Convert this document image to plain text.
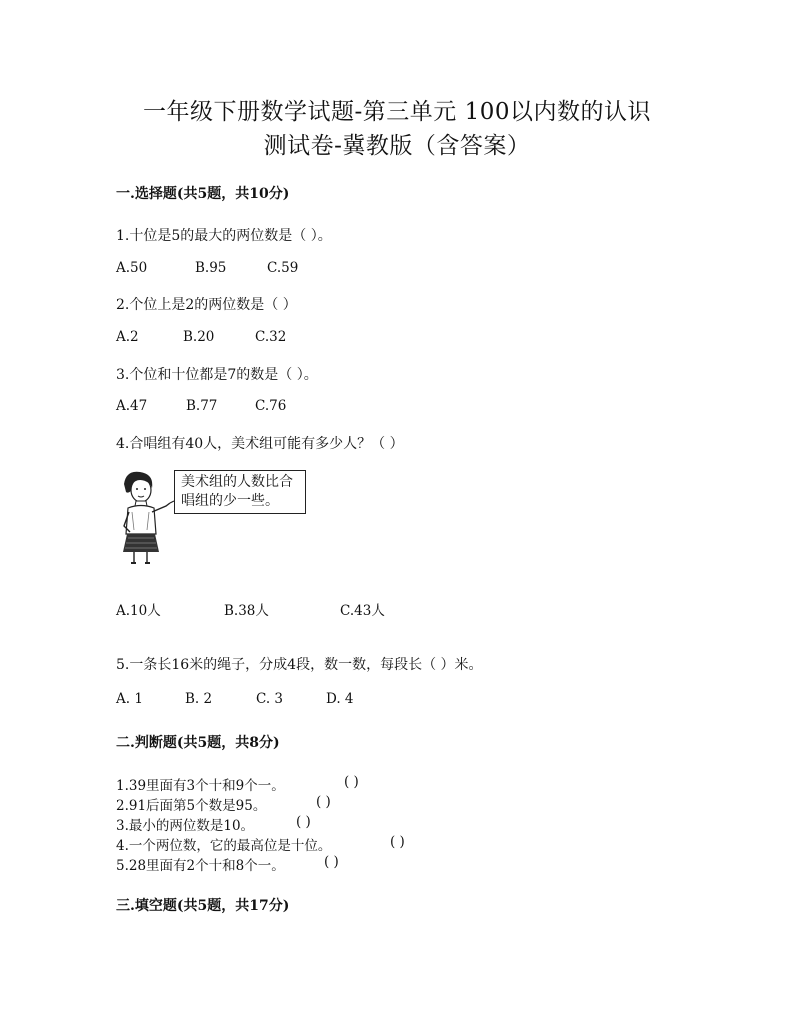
一年级下册数学试题-第三单元 100以内数的认识
测试卷-冀教版（含答案）
一.选择题(共5题，共10分)
1.十位是5的最大的两位数是（ ）。
A.50	B.95	C.59
2.个位上是2的两位数是（ ）
A.2	B.20	C.32
3.个位和十位都是7的数是（ ）。
A.47	B.77	C.76
4.合唱组有40人，美术组可能有多少人？（ ）
美术组的人数比合唱组的少一些。
A.10人	B.38人	C.43人
5.一条长16米的绳子，分成4段，数一数，每段长（ ）米。
A. 1	B. 2	C. 3	D. 4
二.判断题(共5题，共8分)
1.39里面有3个十和9个一。	( )
2.91后面第5个数是95。	( )
3.最小的两位数是10。	( )
4.一个两位数，它的最高位是十位。	( )
5.28里面有2个十和8个一。	( )
三.填空题(共5题，共17分)
